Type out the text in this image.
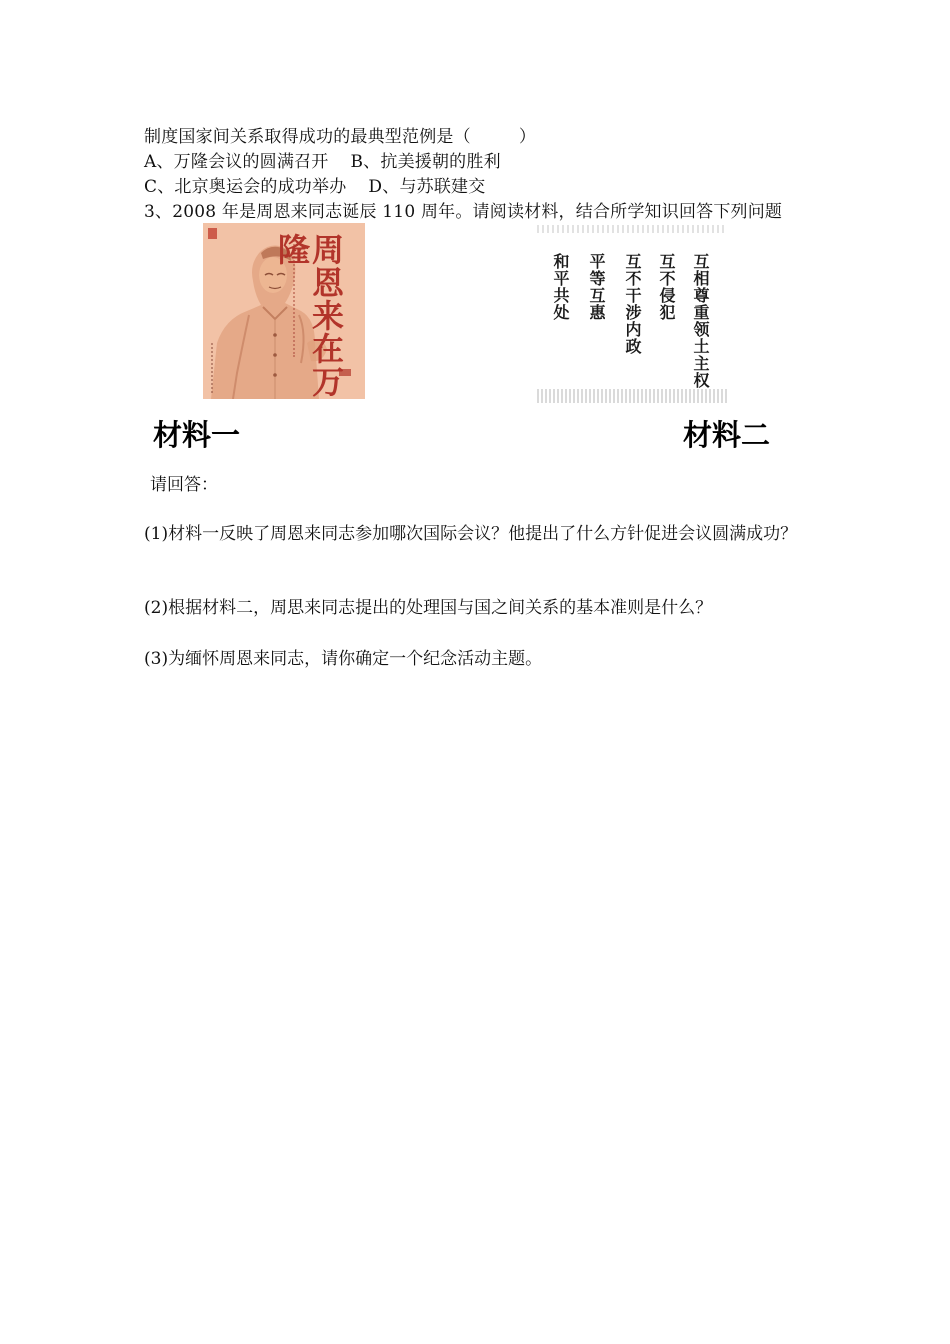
制度国家间关系取得成功的最典型范例是（	）
A、万隆会议的圆满召开 B、抗美援朝的胜利
C、北京奥运会的成功举办 D、与苏联建交
3、2008 年是周恩来同志诞辰 110 周年。请阅读材料，结合所学知识回答下列问题
周恩来在万隆
互相尊重领土主权
互不侵犯
互不干涉内政
平等互惠
和平共处
材料一	材料二
请回答：
(1)材料一反映了周恩来同志参加哪次国际会议？他提出了什么方针促进会议圆满成功？
(2)根据材料二，周思来同志提出的处理国与国之间关系的基本准则是什么？
(3)为缅怀周恩来同志，请你确定一个纪念活动主题。
